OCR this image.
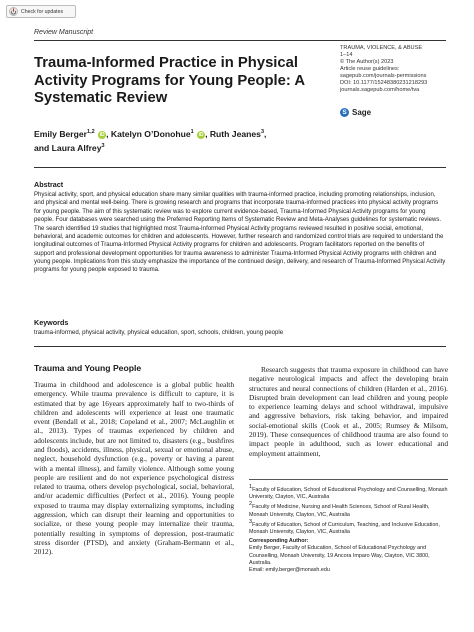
Check for updates
Review Manuscript
Trauma-Informed Practice in Physical Activity Programs for Young People: A Systematic Review
TRAUMA, VIOLENCE, & ABUSE
1–14
© The Author(s) 2023
Article reuse guidelines:
sagepub.com/journals-permissions
DOI: 10.1177/15248380231218293
journals.sagepub.com/home/tva
S Sage
Emily Berger$^{1,2}$ iD , Katelyn O’Donohue$^1$ iD , Ruth Jeanes$^3$,
and Laura Alfrey$^3$
Abstract
Physical activity, sport, and physical education share many similar qualities with trauma-informed practice, including promoting relationships, inclusion, and physical and mental well-being. There is growing research and programs that incorporate trauma-informed practices into physical activity programs for young people. The aim of this systematic review was to explore current evidence-based, Trauma-Informed Physical Activity programs for young people. Four databases were searched using the Preferred Reporting Items of Systematic Review and Meta-Analyses guidelines for systematic reviews. The search identified 19 studies that highlighted most Trauma-Informed Physical Activity programs reviewed resulted in positive social, emotional, behavioral, and academic outcomes for children and adolescents. However, further research and randomized control trials are required to understand the longitudinal outcomes of Trauma-Informed Physical Activity programs for children and adolescents. Program facilitators reported on the benefits of support and professional development opportunities for trauma awareness to administer Trauma-Informed Physical Activity programs with children and young people. Implications from this study emphasize the importance of the continued design, delivery, and research of Trauma-Informed Physical Activity programs for young people exposed to trauma.
Keywords
trauma-informed, physical activity, physical education, sport, schools, children, young people
Trauma and Young People
Trauma in childhood and adolescence is a global public health emergency. While trauma prevalence is difficult to capture, it is estimated that by age 16years approximately half to two-thirds of children and adolescents will experience at least one traumatic event (Bendall et al., 2018; Copeland et al., 2007; McLaughlin et al., 2013). Types of traumas experienced by children and adolescents include, but are not limited to, disasters (e.g., bushfires and floods), accidents, illness, physical, sexual or emotional abuse, neglect, household dysfunction (e.g., poverty or having a parent with a mental illness), and family violence. Although some young people are resilient and do not experience psychological distress related to trauma, others develop psychological, social, behavioral, and/or academic difficulties (Perfect et al., 2016). Young people exposed to trauma may display externalizing symptoms, including aggression, which can disrupt their learning and opportunities to socialize, or these young people may internalize their trauma, potentially resulting in symptoms of depression, post-traumatic stress disorder (PTSD), and anxiety (Graham-Bermann et al., 2012).
Research suggests that trauma exposure in childhood can have negative neurological impacts and affect the developing brain structures and neural connections of children (Harden et al., 2016). Disrupted brain development can lead children and young people to experience learning delays and school withdrawal, impulsive and aggressive behaviors, risk taking behavior, and impaired social-emotional skills (Cook et al., 2005; Rumsey & Milsom, 2019). These consequences of childhood trauma are also found to impact people in adulthood, such as lower educational and employment attainment,
$^1$Faculty of Education, School of Educational Psychology and Counselling, Monash University, Clayton, VIC, Australia
$^2$Faculty of Medicine, Nursing and Health Sciences, School of Rural Health, Monash University, Clayton, VIC, Australia
$^3$Faculty of Education, School of Curriculum, Teaching, and Inclusive Education, Monash University, Clayton, VIC, Australia
Corresponding Author:
Emily Berger, Faculty of Education, School of Educational Psychology and Counselling, Monash University, 19 Ancora Imparo Way, Clayton, VIC 3800, Australia.
Email: emily.berger@monash.edu
